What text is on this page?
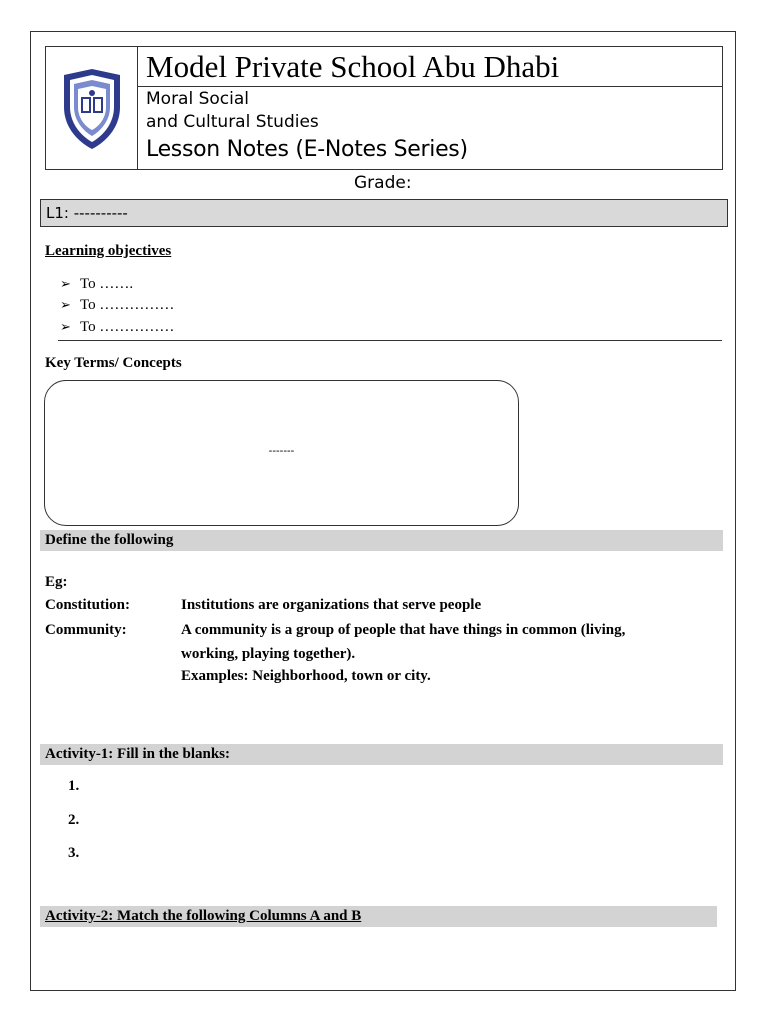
Model Private School Abu Dhabi
Moral Social
and Cultural Studies
Lesson Notes (E-Notes Series)
Grade:
L1: ----------
Learning objectives
➢ To …….
➢ To ……………
➢ To ……………
Key Terms/ Concepts
-------
Define the following
Eg:
Constitution:	Institutions are organizations that serve people
Community:	A community is a group of people that have things in common (living,
working, playing together).
Examples: Neighborhood, town or city.
Activity-1: Fill in the blanks:
1.
2.
3.
Activity-2: Match the following Columns A and B
